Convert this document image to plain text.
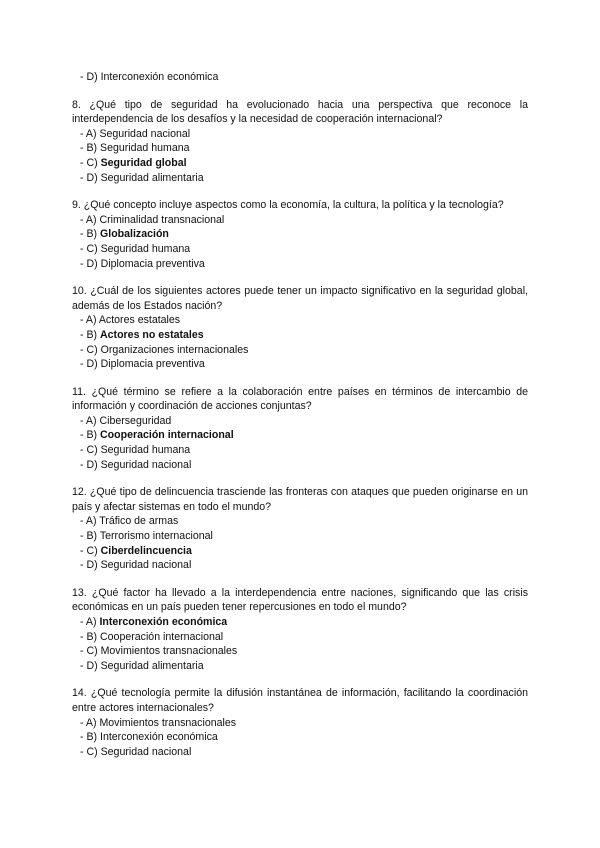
- D) Interconexión económica
8. ¿Qué tipo de seguridad ha evolucionado hacia una perspectiva que reconoce la interdependencia de los desafíos y la necesidad de cooperación internacional?
- A) Seguridad nacional
- B) Seguridad humana
- C) Seguridad global
- D) Seguridad alimentaria
9. ¿Qué concepto incluye aspectos como la economía, la cultura, la política y la tecnología?
- A) Criminalidad transnacional
- B) Globalización
- C) Seguridad humana
- D) Diplomacia preventiva
10. ¿Cuál de los siguientes actores puede tener un impacto significativo en la seguridad global, además de los Estados nación?
- A) Actores estatales
- B) Actores no estatales
- C) Organizaciones internacionales
- D) Diplomacia preventiva
11. ¿Qué término se refiere a la colaboración entre países en términos de intercambio de información y coordinación de acciones conjuntas?
- A) Ciberseguridad
- B) Cooperación internacional
- C) Seguridad humana
- D) Seguridad nacional
12. ¿Qué tipo de delincuencia trasciende las fronteras con ataques que pueden originarse en un país y afectar sistemas en todo el mundo?
- A) Tráfico de armas
- B) Terrorismo internacional
- C) Ciberdelincuencia
- D) Seguridad nacional
13. ¿Qué factor ha llevado a la interdependencia entre naciones, significando que las crisis económicas en un país pueden tener repercusiones en todo el mundo?
- A) Interconexión económica
- B) Cooperación internacional
- C) Movimientos transnacionales
- D) Seguridad alimentaria
14. ¿Qué tecnología permite la difusión instantánea de información, facilitando la coordinación entre actores internacionales?
- A) Movimientos transnacionales
- B) Interconexión económica
- C) Seguridad nacional
